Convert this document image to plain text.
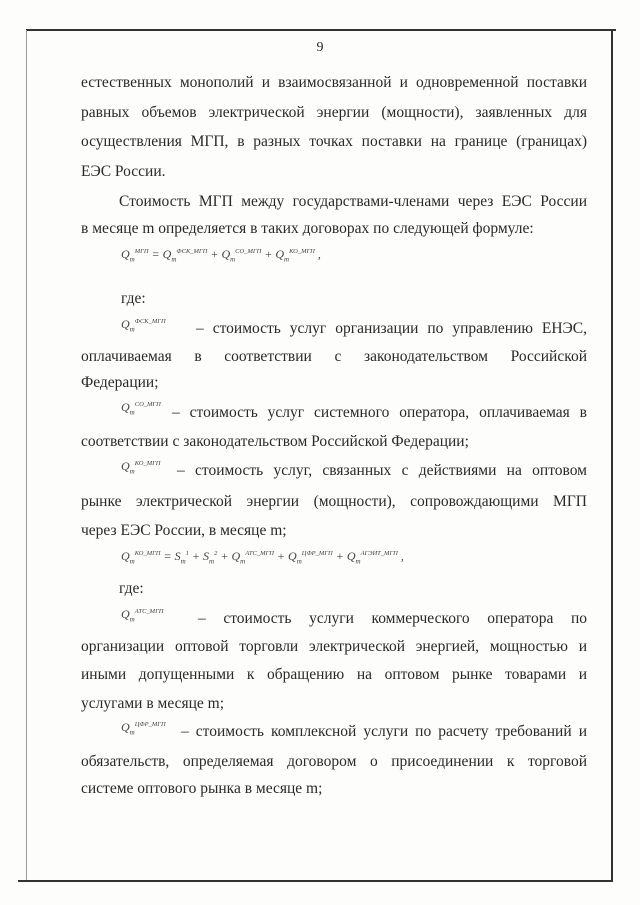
9
естественных монополий и взаимосвязанной и одновременной поставки
равных объемов электрической энергии (мощности), заявленных для
осуществления МГП, в разных точках поставки на границе (границах)
ЕЭС России.
Стоимость МГП между государствами-членами через ЕЭС России
в месяце m определяется в таких договорах по следующей формуле:
$Q_m^{МГП} = Q_m^{ФСК\_МГП} + Q_m^{СО\_МГП} + Q_m^{КО\_МГП}$ ,
где:
$Q_m^{ФСК\_МГП}$ – стоимость услуг организации по управлению ЕНЭС,
оплачиваемая в соответствии с законодательством Российской
Федерации;
$Q_m^{СО\_МГП}$ – стоимость услуг системного оператора, оплачиваемая в
соответствии с законодательством Российской Федерации;
$Q_m^{КО\_МГП}$ – стоимость услуг, связанных с действиями на оптовом
рынке электрической энергии (мощности), сопровождающими МГП
через ЕЭС России, в месяце m;
$Q_m^{КО\_МГП} = S_m^1 + S_m^2 + Q_m^{АТС\_МГП} + Q_m^{ЦФР\_МГП} + Q_m^{АГЭИТ\_МГП}$ ,
где:
$Q_m^{АТС\_МГП}$ – стоимость услуги коммерческого оператора по
организации оптовой торговли электрической энергией, мощностью и
иными допущенными к обращению на оптовом рынке товарами и
услугами в месяце m;
$Q_m^{ЦФР\_МГП}$ – стоимость комплексной услуги по расчету требований и
обязательств, определяемая договором о присоединении к торговой
системе оптового рынка в месяце m;
